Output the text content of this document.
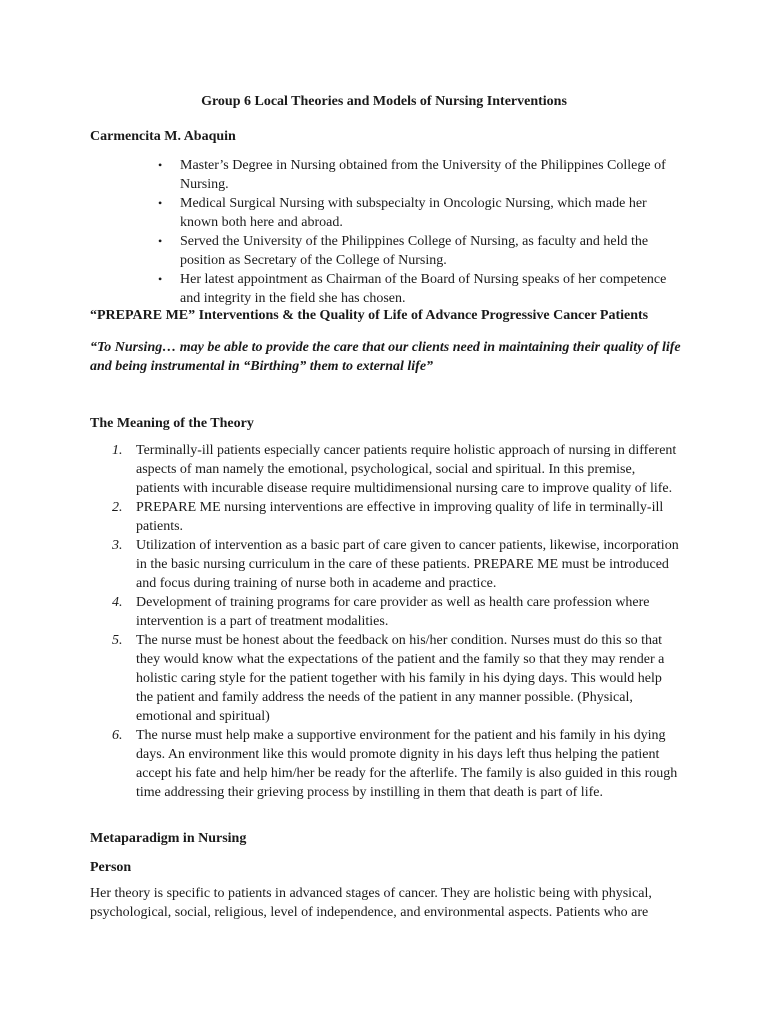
Group 6 Local Theories and Models of Nursing Interventions
Carmencita M. Abaquin
• Master’s Degree in Nursing obtained from the University of the Philippines College of Nursing.
• Medical Surgical Nursing with subspecialty in Oncologic Nursing, which made her known both here and abroad.
• Served the University of the Philippines College of Nursing, as faculty and held the position as Secretary of the College of Nursing.
• Her latest appointment as Chairman of the Board of Nursing speaks of her competence and integrity in the field she has chosen.
“PREPARE ME” Interventions & the Quality of Life of Advance Progressive Cancer Patients
“To Nursing… may be able to provide the care that our clients need in maintaining their quality of life and being instrumental in “Birthing” them to external life”
The Meaning of the Theory
1. Terminally-ill patients especially cancer patients require holistic approach of nursing in different aspects of man namely the emotional, psychological, social and spiritual. In this premise, patients with incurable disease require multidimensional nursing care to improve quality of life.
2. PREPARE ME nursing interventions are effective in improving quality of life in terminally-ill patients.
3. Utilization of intervention as a basic part of care given to cancer patients, likewise, incorporation in the basic nursing curriculum in the care of these patients. PREPARE ME must be introduced and focus during training of nurse both in academe and practice.
4. Development of training programs for care provider as well as health care profession where intervention is a part of treatment modalities.
5. The nurse must be honest about the feedback on his/her condition. Nurses must do this so that they would know what the expectations of the patient and the family so that they may render a holistic caring style for the patient together with his family in his dying days. This would help the patient and family address the needs of the patient in any manner possible. (Physical, emotional and spiritual)
6. The nurse must help make a supportive environment for the patient and his family in his dying days. An environment like this would promote dignity in his days left thus helping the patient accept his fate and help him/her be ready for the afterlife. The family is also guided in this rough time addressing their grieving process by instilling in them that death is part of life.
Metaparadigm in Nursing
Person
Her theory is specific to patients in advanced stages of cancer. They are holistic being with physical, psychological, social, religious, level of independence, and environmental aspects. Patients who are
